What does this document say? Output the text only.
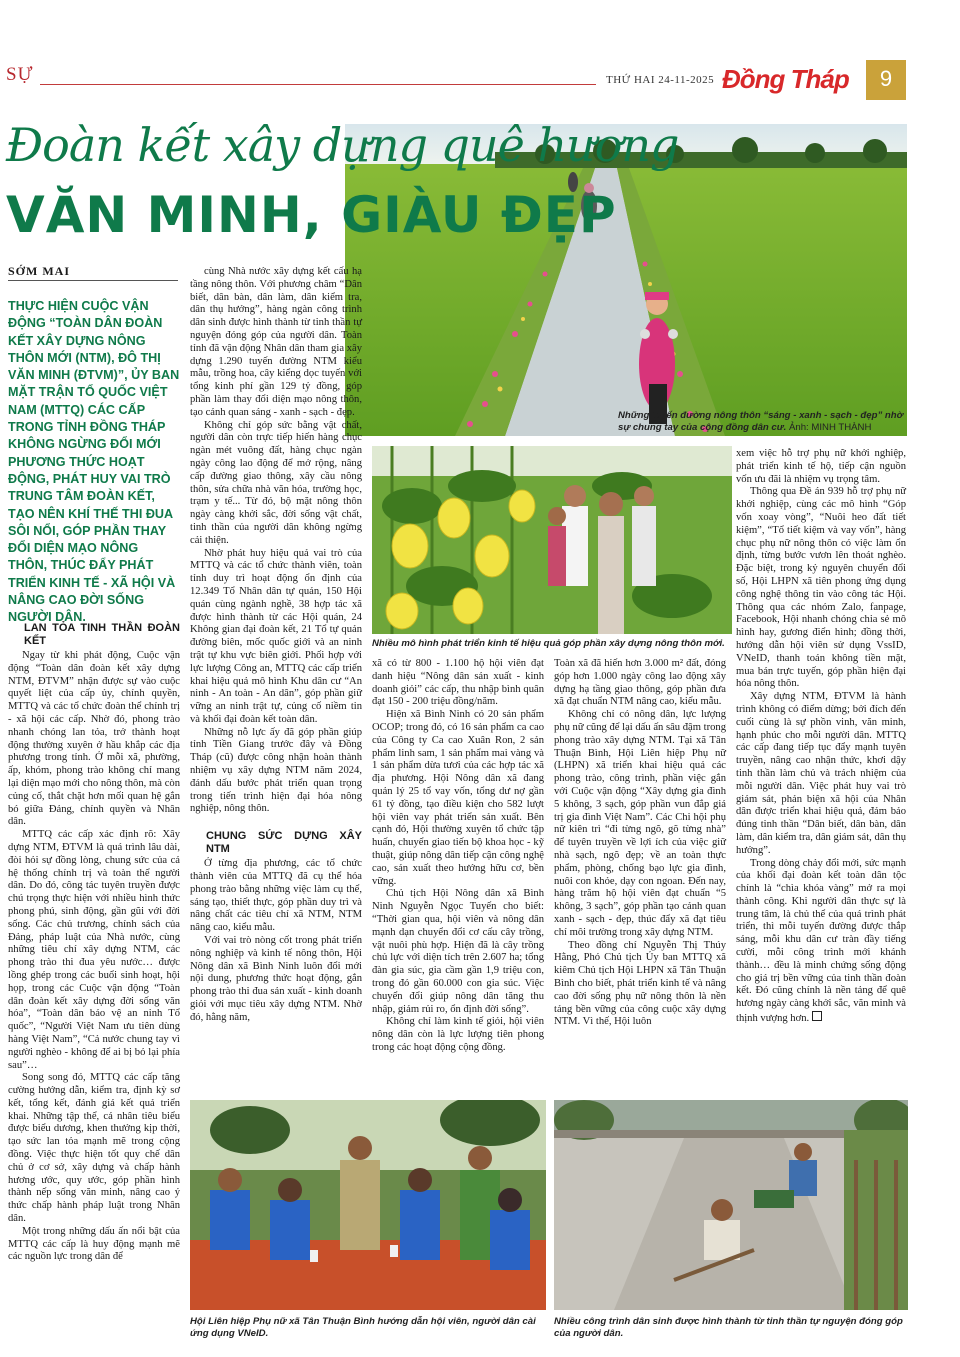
SỰ	THỨ HAI 24-11-2025 Đồng Tháp	9
Những tuyến đường nông thôn “sáng - xanh - sạch - đẹp” nhờ sự chung tay của cộng đồng dân cư. Ảnh: MINH THÀNH
Đoàn kết xây dựng quê hương
VĂN MINH, GIÀU ĐẸP
SỚM MAI
THỰC HIỆN CUỘC VẬN ĐỘNG “TOÀN DÂN ĐOÀN KẾT XÂY DỰNG NÔNG THÔN MỚI (NTM), ĐÔ THỊ VĂN MINH (ĐTVM)”, ỦY BAN MẶT TRẬN TỔ QUỐC VIỆT NAM (MTTQ) CÁC CẤP TRONG TỈNH ĐỒNG THÁP KHÔNG NGỪNG ĐỔI MỚI PHƯƠNG THỨC HOẠT ĐỘNG, PHÁT HUY VAI TRÒ TRUNG TÂM ĐOÀN KẾT, TẠO NÊN KHÍ THẾ THI ĐUA SÔI NỔI, GÓP PHẦN THAY ĐỔI DIỆN MẠO NÔNG THÔN, THÚC ĐẨY PHÁT TRIỂN KINH TẾ - XÃ HỘI VÀ NÂNG CAO ĐỜI SỐNG NGƯỜI DÂN.
LAN TỎA TINH THẦN ĐOÀN KẾT

Ngay từ khi phát động, Cuộc vận động “Toàn dân đoàn kết xây dựng NTM, ĐTVM” nhận được sự vào cuộc quyết liệt của cấp ủy, chính quyền, MTTQ và các tổ chức đoàn thể chính trị - xã hội các cấp. Nhờ đó, phong trào nhanh chóng lan tỏa, trở thành hoạt động thường xuyên ở hầu khắp các địa phương trong tỉnh. Ở mỗi xã, phường, ấp, khóm, phong trào không chỉ mang lại diện mạo mới cho nông thôn, mà còn củng cố, thắt chặt hơn mối quan hệ gắn bó giữa Đảng, chính quyền và Nhân dân.

MTTQ các cấp xác định rõ: Xây dựng NTM, ĐTVM là quá trình lâu dài, đòi hỏi sự đồng lòng, chung sức của cả hệ thống chính trị và toàn thể người dân. Do đó, công tác tuyên truyền được chú trọng thực hiện với nhiều hình thức phong phú, sinh động, gần gũi với đời sống. Các chủ trương, chính sách của Đảng, pháp luật của Nhà nước, cùng những tiêu chí xây dựng NTM, các phong trào thi đua yêu nước… được lồng ghép trong các buổi sinh hoạt, hội họp, trong các Cuộc vận động “Toàn dân đoàn kết xây dựng đời sống văn hóa”, “Toàn dân bảo vệ an ninh Tổ quốc”, “Người Việt Nam ưu tiên dùng hàng Việt Nam”, “Cả nước chung tay vì người nghèo - không để ai bị bỏ lại phía sau”…

Song song đó, MTTQ các cấp tăng cường hướng dẫn, kiểm tra, định kỳ sơ kết, tổng kết, đánh giá kết quả triển khai. Những tập thể, cá nhân tiêu biểu được biểu dương, khen thưởng kịp thời, tạo sức lan tỏa mạnh mẽ trong cộng đồng. Việc thực hiện tốt quy chế dân chủ ở cơ sở, xây dựng và chấp hành hương ước, quy ước, góp phần hình thành nếp sống văn minh, nâng cao ý thức chấp hành pháp luật trong Nhân dân.

Một trong những dấu ấn nổi bật của MTTQ các cấp là huy động mạnh mẽ các nguồn lực trong dân để

cùng Nhà nước xây dựng kết cấu hạ tầng nông thôn. Với phương châm “Dân biết, dân bàn, dân làm, dân kiểm tra, dân thụ hưởng”, hàng ngàn công trình dân sinh được hình thành từ tinh thần tự nguyện đóng góp của người dân. Toàn tỉnh đã vận động Nhân dân tham gia xây dựng 1.290 tuyến đường NTM kiểu mẫu, trồng hoa, cây kiểng dọc tuyến với tổng kinh phí gần 129 tỷ đồng, góp phần làm thay đổi diện mạo nông thôn, tạo cảnh quan sáng - xanh - sạch - đẹp.

Không chỉ góp sức bằng vật chất, người dân còn trực tiếp hiến hàng chục ngàn mét vuông đất, hàng chục ngàn ngày công lao động để mở rộng, nâng cấp đường giao thông, xây cầu nông thôn, sửa chữa nhà văn hóa, trường học, trạm y tế... Từ đó, bộ mặt nông thôn ngày càng khởi sắc, đời sống vật chất, tinh thần của người dân không ngừng cải thiện.

Nhờ phát huy hiệu quả vai trò của MTTQ và các tổ chức thành viên, toàn tỉnh duy trì hoạt động ổn định của 12.349 Tổ Nhân dân tự quản, 150 Hội quán cùng ngành nghề, 38 hợp tác xã được hình thành từ các Hội quán, 24 Không gian đại đoàn kết, 21 Tổ tự quản đường biên, mốc quốc giới và an ninh trật tự khu vực biên giới. Phối hợp với lực lượng Công an, MTTQ các cấp triển khai hiệu quả mô hình Khu dân cư “An ninh - An toàn - An dân”, góp phần giữ vững an ninh trật tự, củng cố niềm tin và khối đại đoàn kết toàn dân.

Những nỗ lực ấy đã góp phần giúp tỉnh Tiền Giang trước đây và Đồng Tháp (cũ) được công nhận hoàn thành nhiệm vụ xây dựng NTM năm 2024, đánh dấu bước phát triển quan trọng trong tiến trình hiện đại hóa nông nghiệp, nông thôn.

CHUNG SỨC DỰNG XÂY NTM

Ở từng địa phương, các tổ chức thành viên của MTTQ đã cụ thể hóa phong trào bằng những việc làm cụ thể, sáng tạo, thiết thực, góp phần duy trì và nâng chất các tiêu chí xã NTM, NTM nâng cao, kiểu mẫu.

Với vai trò nòng cốt trong phát triển nông nghiệp và kinh tế nông thôn, Hội Nông dân xã Bình Ninh luôn đổi mới nội dung, phương thức hoạt động, gắn phong trào thi đua sản xuất - kinh doanh giỏi với mục tiêu xây dựng NTM. Nhờ đó, hằng năm,

Nhiều mô hình phát triển kinh tế hiệu quả góp phần xây dựng nông thôn mới.

xã có từ 800 - 1.100 hộ hội viên đạt danh hiệu “Nông dân sản xuất - kinh doanh giỏi” các cấp, thu nhập bình quân đạt 150 - 200 triệu đồng/năm.

Hiện xã Bình Ninh có 20 sản phẩm OCOP; trong đó, có 16 sản phẩm ca cao của Công ty Ca cao Xuân Ron, 2 sản phẩm linh sam, 1 sản phẩm mai vàng và 1 sản phẩm dừa tươi của các hợp tác xã địa phương. Hội Nông dân xã đang quản lý 25 tổ vay vốn, tổng dư nợ gần 61 tỷ đồng, tạo điều kiện cho 582 lượt hội viên vay phát triển sản xuất. Bên cạnh đó, Hội thường xuyên tổ chức tập huấn, chuyển giao tiến bộ khoa học - kỹ thuật, giúp nông dân tiếp cận công nghệ cao, sản xuất theo hướng hữu cơ, bền vững.

Chủ tịch Hội Nông dân xã Bình Ninh Nguyễn Ngọc Tuyến cho biết: “Thời gian qua, hội viên và nông dân mạnh dạn chuyển đổi cơ cấu cây trồng, vật nuôi phù hợp. Hiện đã là cây trồng chủ lực với diện tích trên 2.607 ha; tổng đàn gia súc, gia cầm gần 1,9 triệu con, trong đó gần 60.000 con gia súc. Việc chuyển đổi giúp nông dân tăng thu nhập, giảm rủi ro, ổn định đời sống”.

Không chỉ làm kinh tế giỏi, hội viên nông dân còn là lực lượng tiên phong trong các hoạt động cộng đồng.

Toàn xã đã hiến hơn 3.000 m² đất, đóng góp hơn 1.000 ngày công lao động xây dựng hạ tầng giao thông, góp phần đưa xã đạt chuẩn NTM nâng cao, kiểu mẫu.

Không chỉ có nông dân, lực lượng phụ nữ cũng để lại dấu ấn sâu đậm trong phong trào xây dựng NTM. Tại xã Tân Thuận Bình, Hội Liên hiệp Phụ nữ (LHPN) xã triển khai hiệu quả các phong trào, công trình, phần việc gắn với Cuộc vận động “Xây dựng gia đình 5 không, 3 sạch, góp phần vun đắp giá trị gia đình Việt Nam”. Các Chi hội phụ nữ kiên trì “đi từng ngõ, gõ từng nhà” để tuyên truyền về lợi ích của việc giữ nhà sạch, ngõ đẹp; về an toàn thực phẩm, phòng, chống bạo lực gia đình, nuôi con khỏe, dạy con ngoan. Đến nay, hàng trăm hộ hội viên đạt chuẩn “5 không, 3 sạch”, góp phần tạo cảnh quan xanh - sạch - đẹp, thúc đẩy xã đạt tiêu chí môi trường trong xây dựng NTM.

Theo đồng chí Nguyễn Thị Thúy Hằng, Phó Chủ tịch Ủy ban MTTQ xã kiêm Chủ tịch Hội LHPN xã Tân Thuận Bình cho biết, phát triển kinh tế và nâng cao đời sống phụ nữ nông thôn là nền tảng bền vững của công cuộc xây dựng NTM. Vì thế, Hội luôn

xem việc hỗ trợ phụ nữ khởi nghiệp, phát triển kinh tế hộ, tiếp cận nguồn vốn ưu đãi là nhiệm vụ trọng tâm.

Thông qua Đề án 939 hỗ trợ phụ nữ khởi nghiệp, cùng các mô hình “Góp vốn xoay vòng”, “Nuôi heo đất tiết kiệm”, “Tổ tiết kiệm và vay vốn”, hàng chục phụ nữ nông thôn có việc làm ổn định, từng bước vươn lên thoát nghèo. Đặc biệt, trong kỷ nguyên chuyển đổi số, Hội LHPN xã tiên phong ứng dụng công nghệ thông tin vào công tác Hội. Thông qua các nhóm Zalo, fanpage, Facebook, Hội nhanh chóng chia sẻ mô hình hay, gương điển hình; đồng thời, hướng dẫn hội viên sử dụng VssID, VNeID, thanh toán không tiền mặt, mua bán trực tuyến, góp phần hiện đại hóa nông thôn.

Xây dựng NTM, ĐTVM là hành trình không có điểm dừng; bởi đích đến cuối cùng là sự phồn vinh, văn minh, hạnh phúc cho mỗi người dân. MTTQ các cấp đang tiếp tục đẩy mạnh tuyên truyền, nâng cao nhận thức, khơi dậy tinh thần làm chủ và trách nhiệm của mỗi người dân. Việc phát huy vai trò giám sát, phản biện xã hội của Nhân dân được triển khai hiệu quả, đảm bảo đúng tinh thần “Dân biết, dân bàn, dân làm, dân kiểm tra, dân giám sát, dân thụ hưởng”.

Trong dòng chảy đổi mới, sức mạnh của khối đại đoàn kết toàn dân tộc chính là “chìa khóa vàng” mở ra mọi thành công. Khi người dân thực sự là trung tâm, là chủ thể của quá trình phát triển, thì mỗi tuyến đường được thắp sáng, mỗi khu dân cư tràn đầy tiếng cười, mỗi công trình mới khánh thành… đều là minh chứng sống động cho giá trị bền vững của tinh thần đoàn kết. Đó cũng chính là nền tảng để quê hương ngày càng khởi sắc, văn minh và thịnh vượng hơn.

Hội Liên hiệp Phụ nữ xã Tân Thuận Bình hướng dẫn hội viên, người dân cài ứng dụng VNeID.
Nhiều công trình dân sinh được hình thành từ tinh thần tự nguyện đóng góp của người dân.
